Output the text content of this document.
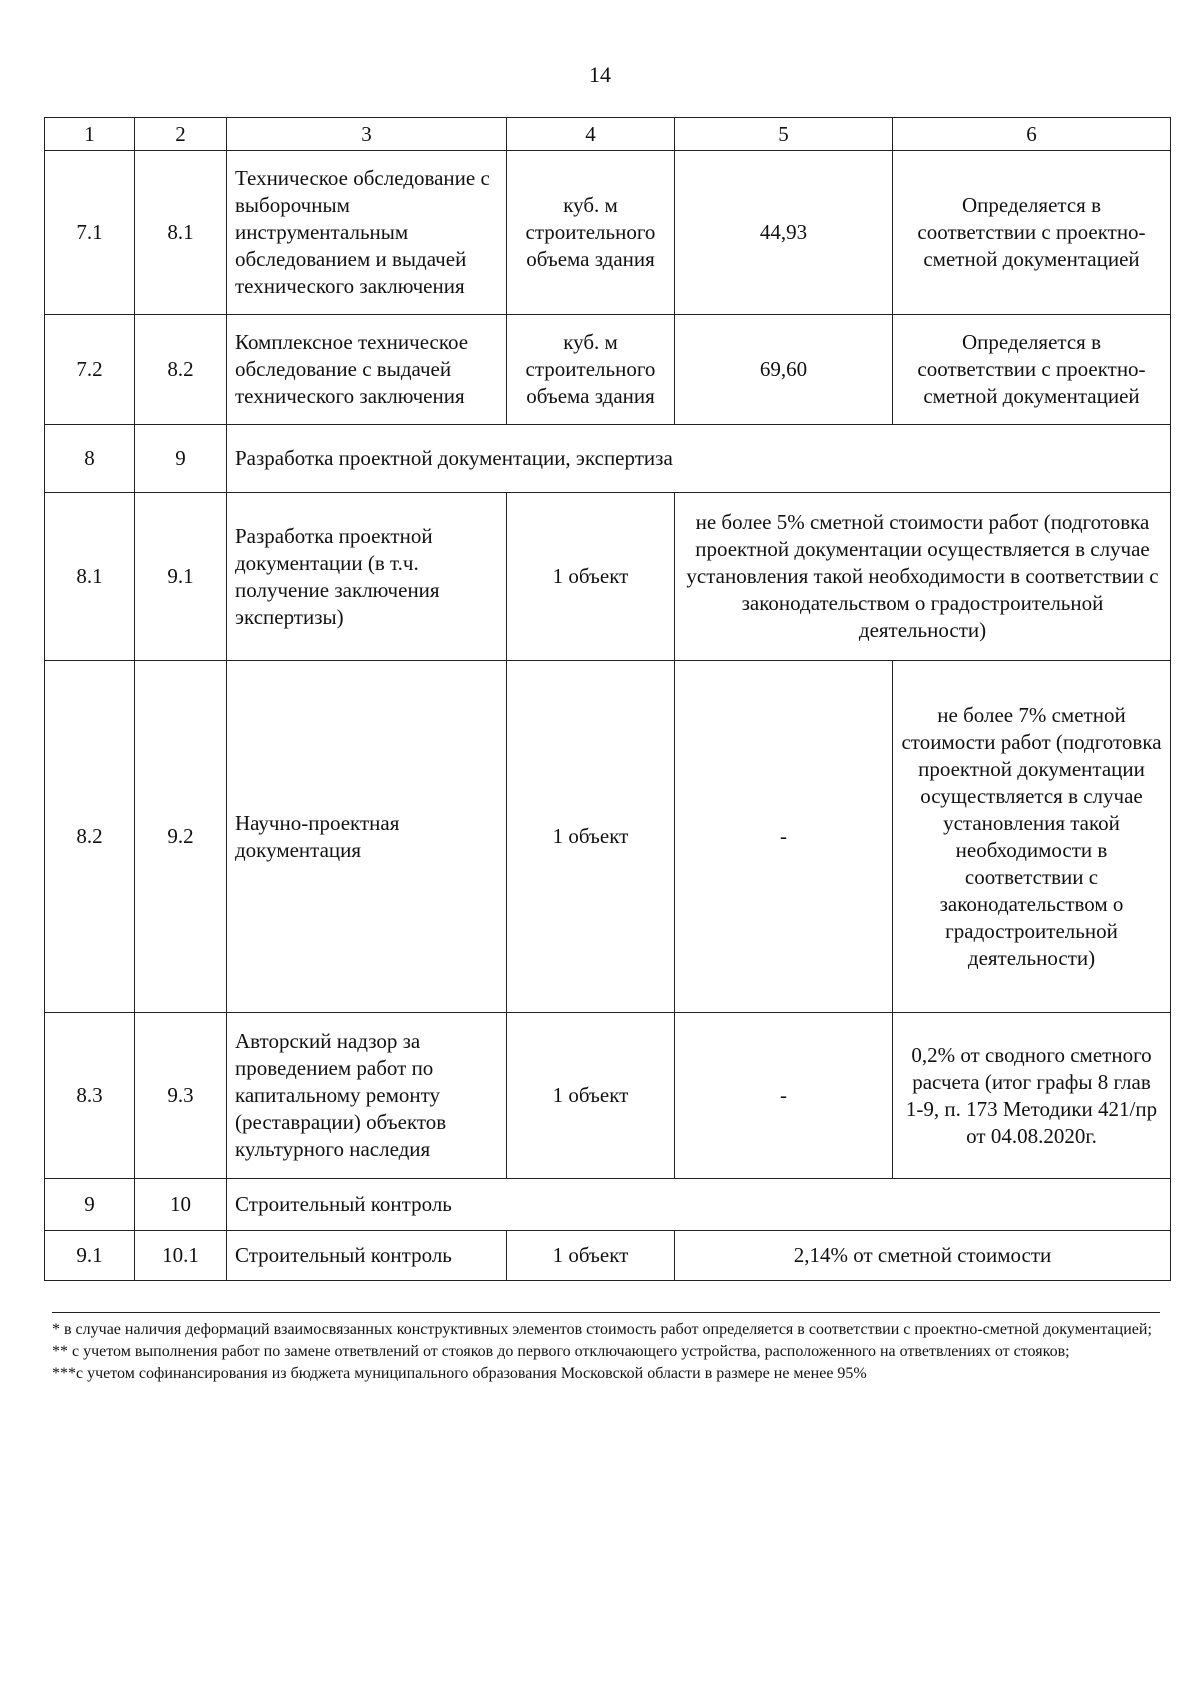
14
1	2	3	4	5	6
7.1	8.1	Техническое обследование с выборочным инструментальным обследованием и выдачей технического заключения	куб. м строительного объема здания	44,93	Определяется в соответствии с проектно-сметной документацией
7.2	8.2	Комплексное техническое обследование с выдачей технического заключения	куб. м строительного объема здания	69,60	Определяется в соответствии с проектно-сметной документацией
8	9	Разработка проектной документации, экспертиза			
8.1	9.1	Разработка проектной документации (в т.ч. получение заключения экспертизы)	1 объект	не более 5% сметной стоимости работ (подготовка проектной документации осуществляется в случае установления такой необходимости в соответствии с законодательством о градостроительной деятельности)	
8.2	9.2	Научно-проектная документация	1 объект	-	не более 7% сметной стоимости работ (подготовка проектной документации осуществляется в случае установления такой необходимости в соответствии с законодательством о градостроительной деятельности)
8.3	9.3	Авторский надзор за проведением работ по капитальному ремонту (реставрации) объектов культурного наследия	1 объект	-	0,2% от сводного сметного расчета (итог графы 8 глав 1-9, п. 173 Методики 421/пр от 04.08.2020г.
9	10	Строительный контроль			
9.1	10.1	Строительный контроль	1 объект	2,14% от сметной стоимости	

* в случае наличия деформаций взаимосвязанных конструктивных элементов стоимость работ определяется в соответствии с проектно-сметной документацией;

** с учетом выполнения работ по замене ответвлений от стояков до первого отключающего устройства, расположенного на ответвлениях от стояков;

***с учетом софинансирования из бюджета муниципального образования Московской области в размере не менее 95%
